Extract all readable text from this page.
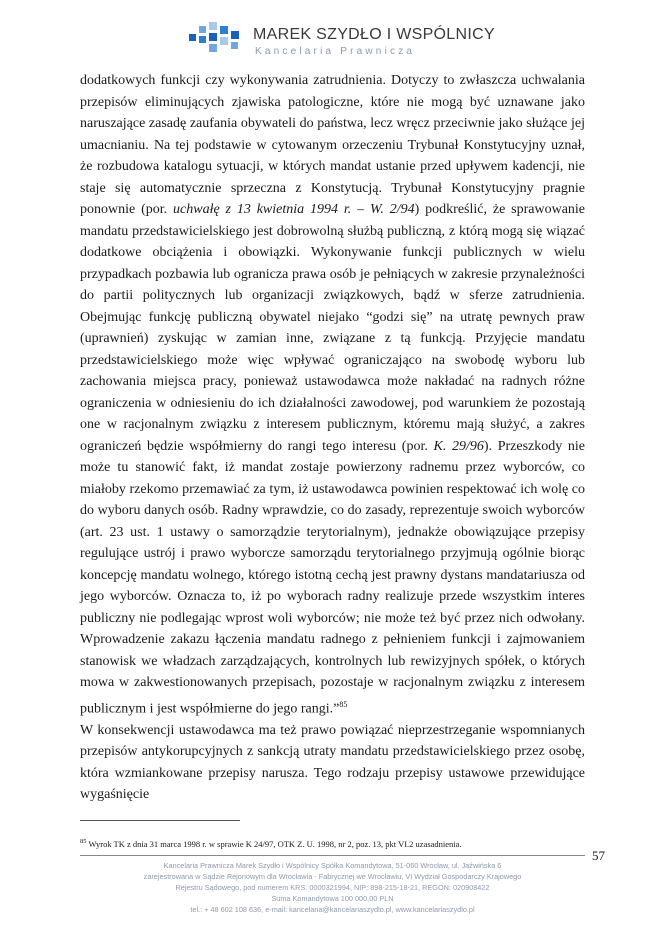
MAREK SZYDŁO I WSPÓLNICY
Kancelaria Prawnicza

dodatkowych funkcji czy wykonywania zatrudnienia. Dotyczy to zwłaszcza uchwalania przepisów eliminujących zjawiska patologiczne, które nie mogą być uznawane jako naruszające zasadę zaufania obywateli do państwa, lecz wręcz przeciwnie jako służące jej umacnianiu. Na tej podstawie w cytowanym orzeczeniu Trybunał Konstytucyjny uznał, że rozbudowa katalogu sytuacji, w których mandat ustanie przed upływem kadencji, nie staje się automatycznie sprzeczna z Konstytucją. Trybunał Konstytucyjny pragnie ponownie (por. uchwałę z 13 kwietnia 1994 r. – W. 2/94) podkreślić, że sprawowanie mandatu przedstawicielskiego jest dobrowolną służbą publiczną, z którą mogą się wiązać dodatkowe obciążenia i obowiązki. Wykonywanie funkcji publicznych w wielu przypadkach pozbawia lub ogranicza prawa osób je pełniących w zakresie przynależności do partii politycznych lub organizacji związkowych, bądź w sferze zatrudnienia. Obejmując funkcję publiczną obywatel niejako “godzi się” na utratę pewnych praw (uprawnień) zyskując w zamian inne, związane z tą funkcją. Przyjęcie mandatu przedstawicielskiego może więc wpływać ograniczająco na swobodę wyboru lub zachowania miejsca pracy, ponieważ ustawodawca może nakładać na radnych różne ograniczenia w odniesieniu do ich działalności zawodowej, pod warunkiem że pozostają one w racjonalnym związku z interesem publicznym, któremu mają służyć, a zakres ograniczeń będzie współmierny do rangi tego interesu (por. K. 29/96). Przeszkody nie może tu stanowić fakt, iż mandat zostaje powierzony radnemu przez wyborców, co miałoby rzekomo przemawiać za tym, iż ustawodawca powinien respektować ich wolę co do wyboru danych osób. Radny wprawdzie, co do zasady, reprezentuje swoich wyborców (art. 23 ust. 1 ustawy o samorządzie terytorialnym), jednakże obowiązujące przepisy regulujące ustrój i prawo wyborcze samorządu terytorialnego przyjmują ogólnie biorąc koncepcję mandatu wolnego, którego istotną cechą jest prawny dystans mandatariusza od jego wyborców. Oznacza to, iż po wyborach radny realizuje przede wszystkim interes publiczny nie podlegając wprost woli wyborców; nie może też być przez nich odwołany. Wprowadzenie zakazu łączenia mandatu radnego z pełnieniem funkcji i zajmowaniem stanowisk we władzach zarządzających, kontrolnych lub rewizyjnych spółek, o których mowa w zakwestionowanych przepisach, pozostaje w racjonalnym związku z interesem publicznym i jest współmierne do jego rangi.”$^{85}$

W konsekwencji ustawodawca ma też prawo powiązać nieprzestrzeganie wspomnianych przepisów antykorupcyjnych z sankcją utraty mandatu przedstawicielskiego przez osobę, która wzmiankowane przepisy narusza. Tego rodzaju przepisy ustawowe przewidujące wygaśnięcie

$^{85}$ Wyrok TK z dnia 31 marca 1998 r. w sprawie K 24/97, OTK Z. U. 1998, nr 2, poz. 13, pkt VI.2 uzasadnienia.
57
Kancelaria Prawnicza Marek Szydło i Wspólnicy Spółka Komandytowa, 51-060 Wrocław, ul. Jaźwińska 6
zarejestrowana w Sądzie Rejonowym dla Wrocławia - Fabrycznej we Wrocławiu, VI Wydział Gospodarczy Krajowego
Rejestru Sądowego, pod numerem KRS: 0000321994, NIP: 898-215-18-21, REGON: 020908422
Suma Komandytowa 100 000,00 PLN
tel.: + 48 602 108 636, e-mail: kancelaria@kancelariaszydlo.pl, www.kancelariaszydlo.pl
